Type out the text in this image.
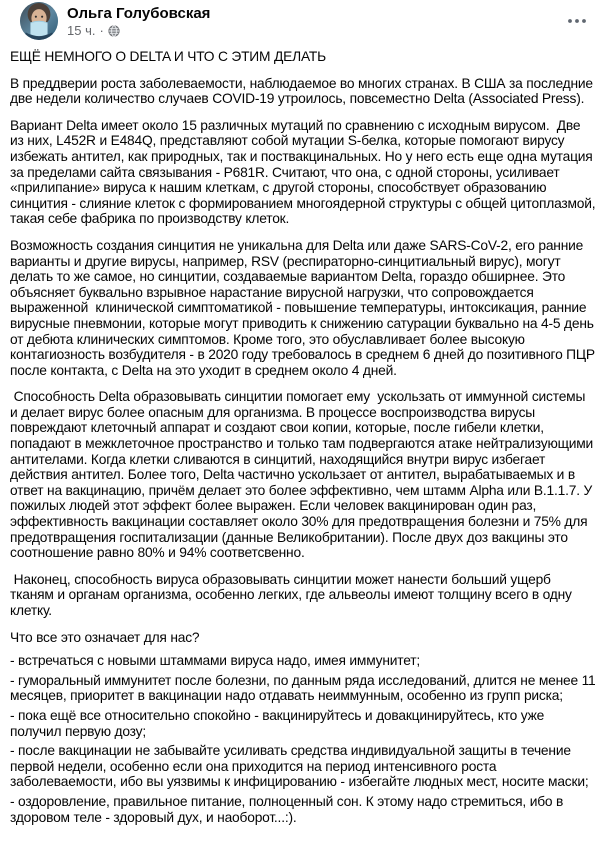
Ольга Голубовская
15 ч. ·

ЕЩЁ НЕМНОГО О DELTA И ЧТО С ЭТИМ ДЕЛАТЬ

В преддверии роста заболеваемости, наблюдаемое во многих странах. В США за последние две недели количество случаев COVID-19 утроилось, повсеместно Delta (Associated Press).

Вариант Delta имеет около 15 различных мутаций по сравнению с исходным вирусом.  Две из них, L452R и E484Q, представляют собой мутации S-белка, которые помогают вирусу избежать антител, как природных, так и поствакцинальных. Но у него есть еще одна мутация за пределами сайта связывания - P681R. Считают, что она, с одной стороны, усиливает «прилипание» вируса к нашим клеткам, с другой стороны, способствует образованию синцития - слияние клеток с формированием многоядерной структуры с общей цитоплазмой, такая себе фабрика по производству клеток.

Возможность создания синцития не уникальна для Delta или даже SARS-CoV-2, его ранние варианты и другие вирусы, например, RSV (респираторно-синцитиальный вирус), могут делать то же самое, но синцитии, создаваемые вариантом Delta, гораздо обширнее. Это объясняет буквально взрывное нарастание вирусной нагрузки, что сопровождается выраженной  клинической симптоматикой - повышение температуры, интоксикация, ранние вирусные пневмонии, которые могут приводить к снижению сатурации буквально на 4-5 день от дебюта клинических симптомов. Кроме того, это обуславливает более высокую контагиозность возбудителя - в 2020 году требовалось в среднем 6 дней до позитивного ПЦР после контакта, с Delta на это уходит в среднем около 4 дней.

Способность Delta образовывать синцитии помогает ему  ускользать от иммунной системы и делает вирус более опасным для организма. В процессе воспроизводства вирусы повреждают клеточный аппарат и создают свои копии, которые, после гибели клетки, попадают в межклеточное пространство и только там подвергаются атаке нейтрализующими антителами. Когда клетки сливаются в синцитий, находящийся внутри вирус избегает действия антител. Более того, Delta частично ускользает от антител, вырабатываемых и в ответ на вакцинацию, причём делает это более эффективно, чем штамм Alpha или B.1.1.7. У пожилых людей этот эффект более выражен. Если человек вакцинирован один раз, эффективность вакцинации составляет около 30% для предотвращения болезни и 75% для предотвращения госпитализации (данные Великобритании). После двух доз вакцины это соотношение равно 80% и 94% соответсвенно.

Наконец, способность вируса образовывать синцитии может нанести больший ущерб тканям и органам организма, особенно легких, где альвеолы имеют толщину всего в одну клетку.

Что все это означает для нас?

- встречаться с новыми штаммами вируса надо, имея иммунитет;

- гуморальный иммунитет после болезни, по данным ряда исследований, длится не менее 11 месяцев, приоритет в вакцинации надо отдавать неиммунным, особенно из групп риска;

- пока ещё все относительно спокойно - вакцинируйтесь и довакцинируйтесь, кто уже получил первую дозу;

- после вакцинации не забывайте усиливать средства индивидуальной защиты в течение первой недели, особенно если она приходится на период интенсивного роста заболеваемости, ибо вы уязвимы к инфицированию - избегайте людных мест, носите маски;

- оздоровление, правильное питание, полноценный сон. К этому надо стремиться, ибо в здоровом теле - здоровый дух, и наоборот...:).
